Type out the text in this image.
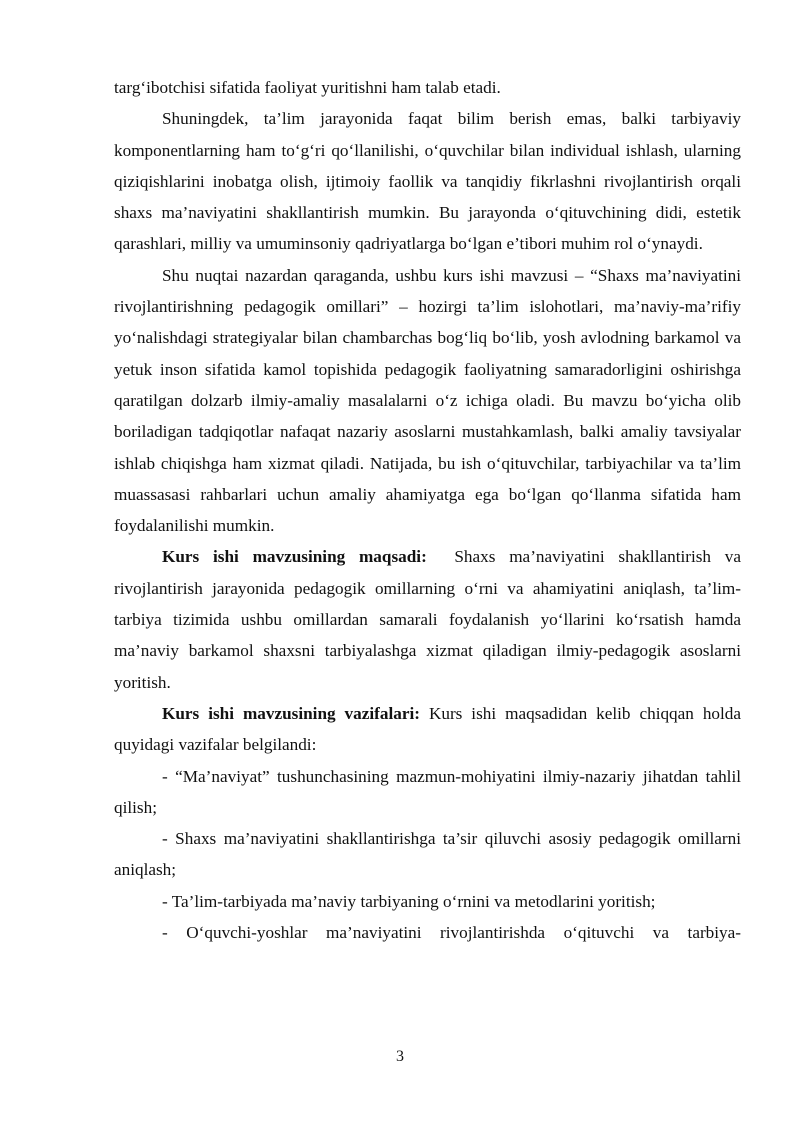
targ‘ibotchisi sifatida faoliyat yuritishni ham talab etadi.

Shuningdek, ta’lim jarayonida faqat bilim berish emas, balki tarbiyaviy komponentlarning ham to‘g‘ri qo‘llanilishi, o‘quvchilar bilan individual ishlash, ularning qiziqishlarini inobatga olish, ijtimoiy faollik va tanqidiy fikrlashni rivojlantirish orqali shaxs ma’naviyatini shakllantirish mumkin. Bu jarayonda o‘qituvchining didi, estetik qarashlari, milliy va umuminsoniy qadriyatlarga bo‘lgan e’tibori muhim rol o‘ynaydi.

Shu nuqtai nazardan qaraganda, ushbu kurs ishi mavzusi – “Shaxs ma’naviyatini rivojlantirishning pedagogik omillari” – hozirgi ta’lim islohotlari, ma’naviy-ma’rifiy yo‘nalishdagi strategiyalar bilan chambarchas bog‘liq bo‘lib, yosh avlodning barkamol va yetuk inson sifatida kamol topishida pedagogik faoliyatning samaradorligini oshirishga qaratilgan dolzarb ilmiy-amaliy masalalarni o‘z ichiga oladi. Bu mavzu bo‘yicha olib boriladigan tadqiqotlar nafaqat nazariy asoslarni mustahkamlash, balki amaliy tavsiyalar ishlab chiqishga ham xizmat qiladi. Natijada, bu ish o‘qituvchilar, tarbiyachilar va ta’lim muassasasi rahbarlari uchun amaliy ahamiyatga ega bo‘lgan qo‘llanma sifatida ham foydalanilishi mumkin.

Kurs ishi mavzusining maqsadi: Shaxs ma’naviyatini shakllantirish va rivojlantirish jarayonida pedagogik omillarning o‘rni va ahamiyatini aniqlash, ta’lim-tarbiya tizimida ushbu omillardan samarali foydalanish yo‘llarini ko‘rsatish hamda ma’naviy barkamol shaxsni tarbiyalashga xizmat qiladigan ilmiy-pedagogik asoslarni yoritish.

Kurs ishi mavzusining vazifalari: Kurs ishi maqsadidan kelib chiqqan holda quyidagi vazifalar belgilandi:

- “Ma’naviyat” tushunchasining mazmun-mohiyatini ilmiy-nazariy jihatdan tahlil qilish;

- Shaxs ma’naviyatini shakllantirishga ta’sir qiluvchi asosiy pedagogik omillarni aniqlash;

- Ta’lim-tarbiyada ma’naviy tarbiyaning o‘rnini va metodlarini yoritish;

- O‘quvchi-yoshlar ma’naviyatini rivojlantirishda o‘qituvchi va tarbiya-

3
